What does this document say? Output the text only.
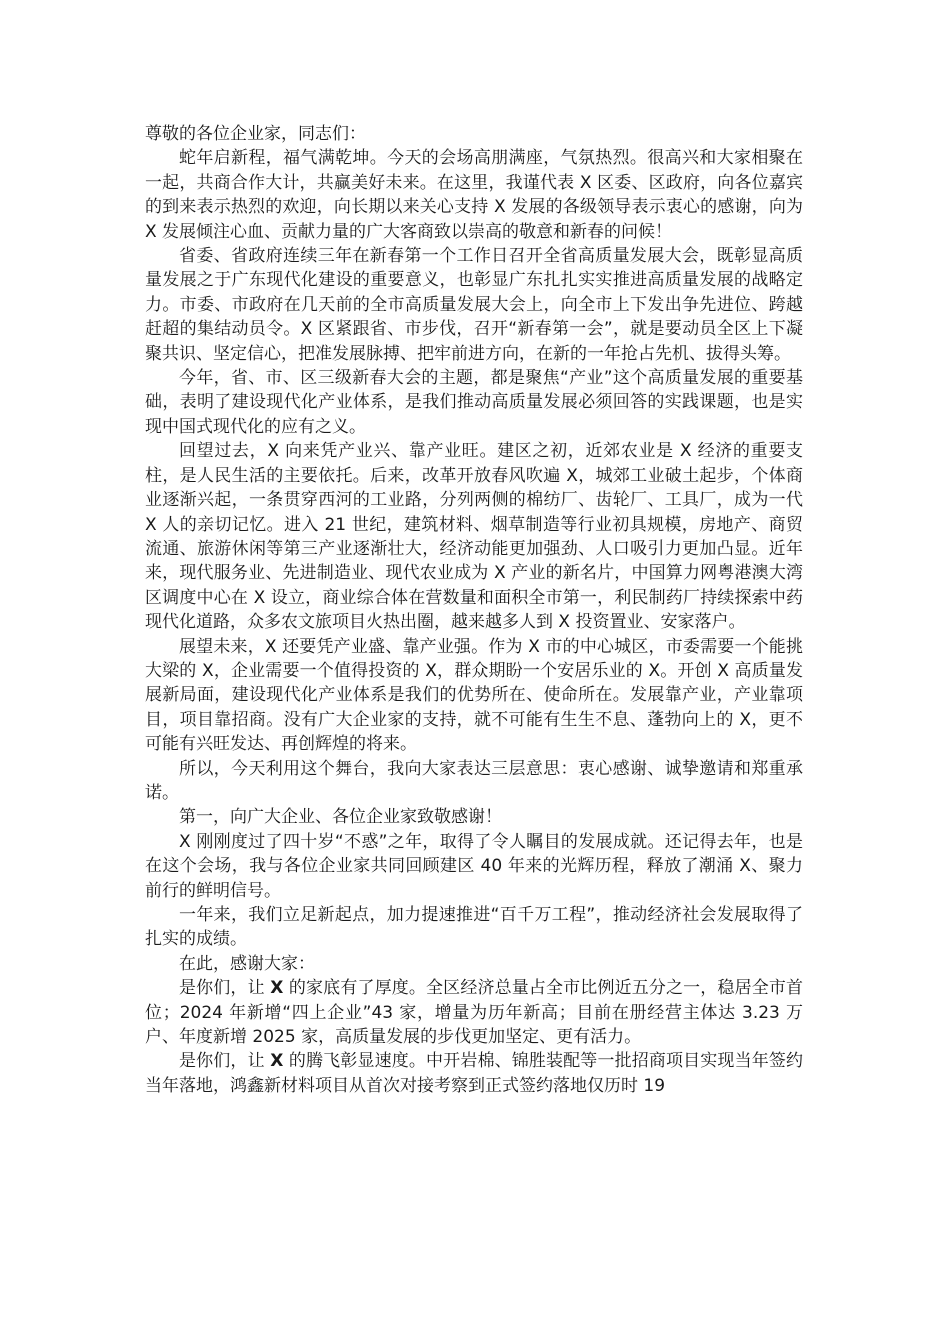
尊敬的各位企业家，同志们：

蛇年启新程，福气满乾坤。今天的会场高朋满座，气氛热烈。很高兴和大家相聚在一起，共商合作大计，共赢美好未来。在这里，我谨代表 X 区委、区政府，向各位嘉宾的到来表示热烈的欢迎，向长期以来关心支持 X 发展的各级领导表示衷心的感谢，向为 X 发展倾注心血、贡献力量的广大客商致以崇高的敬意和新春的问候！

省委、省政府连续三年在新春第一个工作日召开全省高质量发展大会，既彰显高质量发展之于广东现代化建设的重要意义，也彰显广东扎扎实实推进高质量发展的战略定力。市委、市政府在几天前的全市高质量发展大会上，向全市上下发出争先进位、跨越赶超的集结动员令。X 区紧跟省、市步伐，召开“新春第一会”，就是要动员全区上下凝聚共识、坚定信心，把准发展脉搏、把牢前进方向，在新的一年抢占先机、拔得头筹。

今年，省、市、区三级新春大会的主题，都是聚焦“产业”这个高质量发展的重要基础，表明了建设现代化产业体系，是我们推动高质量发展必须回答的实践课题，也是实现中国式现代化的应有之义。

回望过去，X 向来凭产业兴、靠产业旺。建区之初，近郊农业是 X 经济的重要支柱，是人民生活的主要依托。后来，改革开放春风吹遍 X，城郊工业破土起步，个体商业逐渐兴起，一条贯穿西河的工业路，分列两侧的棉纺厂、齿轮厂、工具厂，成为一代 X 人的亲切记忆。进入 21 世纪，建筑材料、烟草制造等行业初具规模，房地产、商贸流通、旅游休闲等第三产业逐渐壮大，经济动能更加强劲、人口吸引力更加凸显。近年来，现代服务业、先进制造业、现代农业成为 X 产业的新名片，中国算力网粤港澳大湾区调度中心在 X 设立，商业综合体在营数量和面积全市第一，利民制药厂持续探索中药现代化道路，众多农文旅项目火热出圈，越来越多人到 X 投资置业、安家落户。

展望未来，X 还要凭产业盛、靠产业强。作为 X 市的中心城区，市委需要一个能挑大梁的 X，企业需要一个值得投资的 X，群众期盼一个安居乐业的 X。开创 X 高质量发展新局面，建设现代化产业体系是我们的优势所在、使命所在。发展靠产业，产业靠项目，项目靠招商。没有广大企业家的支持，就不可能有生生不息、蓬勃向上的 X，更不可能有兴旺发达、再创辉煌的将来。

所以，今天利用这个舞台，我向大家表达三层意思：衷心感谢、诚挚邀请和郑重承诺。

第一，向广大企业、各位企业家致敬感谢！

X 刚刚度过了四十岁“不惑”之年，取得了令人瞩目的发展成就。还记得去年，也是在这个会场，我与各位企业家共同回顾建区 40 年来的光辉历程，释放了潮涌 X、聚力前行的鲜明信号。

一年来，我们立足新起点，加力提速推进“百千万工程”，推动经济社会发展取得了扎实的成绩。

在此，感谢大家：

是你们，让 X 的家底有了厚度。全区经济总量占全市比例近五分之一，稳居全市首位；2024 年新增“四上企业”43 家，增量为历年新高；目前在册经营主体达 3.23 万户、年度新增 2025 家，高质量发展的步伐更加坚定、更有活力。

是你们，让 X 的腾飞彰显速度。中开岩棉、锦胜装配等一批招商项目实现当年签约当年落地，鸿鑫新材料项目从首次对接考察到正式签约落地仅历时 19
